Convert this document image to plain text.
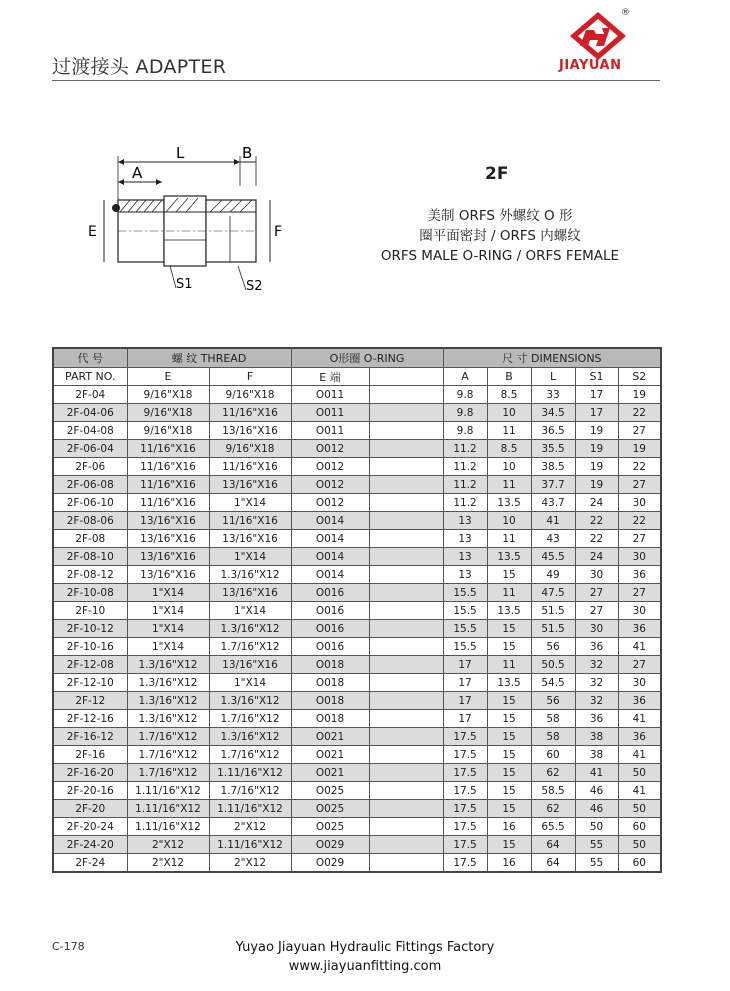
过渡接头 ADAPTER
®
JIAYUAN
L	B
A
E	F
S1	S2
2F
美制 ORFS 外螺纹 O 形
圈平面密封 / ORFS 内螺纹
ORFS MALE O-RING / ORFS FEMALE
代 号	螺 纹 THREAD		O形圈 O-RING		尺 寸 DIMENSIONS				
PART NO.	E	F	E 端		A	B	L	S1	S2
2F-04	9/16"X18	9/16"X18	O011		9.8	8.5	33	17	19
2F-04-06	9/16"X18	11/16"X16	O011		9.8	10	34.5	17	22
2F-04-08	9/16"X18	13/16"X16	O011		9.8	11	36.5	19	27
2F-06-04	11/16"X16	9/16"X18	O012		11.2	8.5	35.5	19	19
2F-06	11/16"X16	11/16"X16	O012		11.2	10	38.5	19	22
2F-06-08	11/16"X16	13/16"X16	O012		11.2	11	37.7	19	27
2F-06-10	11/16"X16	1"X14	O012		11.2	13.5	43.7	24	30
2F-08-06	13/16"X16	11/16"X16	O014		13	10	41	22	22
2F-08	13/16"X16	13/16"X16	O014		13	11	43	22	27
2F-08-10	13/16"X16	1"X14	O014		13	13.5	45.5	24	30
2F-08-12	13/16"X16	1.3/16"X12	O014		13	15	49	30	36
2F-10-08	1"X14	13/16"X16	O016		15.5	11	47.5	27	27
2F-10	1"X14	1"X14	O016		15.5	13.5	51.5	27	30
2F-10-12	1"X14	1.3/16"X12	O016		15.5	15	51.5	30	36
2F-10-16	1"X14	1.7/16"X12	O016		15.5	15	56	36	41
2F-12-08	1.3/16"X12	13/16"X16	O018		17	11	50.5	32	27
2F-12-10	1.3/16"X12	1"X14	O018		17	13.5	54.5	32	30
2F-12	1.3/16"X12	1.3/16"X12	O018		17	15	56	32	36
2F-12-16	1.3/16"X12	1.7/16"X12	O018		17	15	58	36	41
2F-16-12	1.7/16"X12	1.3/16"X12	O021		17.5	15	58	38	36
2F-16	1.7/16"X12	1.7/16"X12	O021		17.5	15	60	38	41
2F-16-20	1.7/16"X12	1.11/16"X12	O021		17.5	15	62	41	50
2F-20-16	1.11/16"X12	1.7/16"X12	O025		17.5	15	58.5	46	41
2F-20	1.11/16"X12	1.11/16"X12	O025		17.5	15	62	46	50
2F-20-24	1.11/16"X12	2"X12	O025		17.5	16	65.5	50	60
2F-24-20	2"X12	1.11/16"X12	O029		17.5	15	64	55	50
2F-24	2"X12	2"X12	O029		17.5	16	64	55	60
C-178	Yuyao Jiayuan Hydraulic Fittings Factory
www.jiayuanfitting.com
